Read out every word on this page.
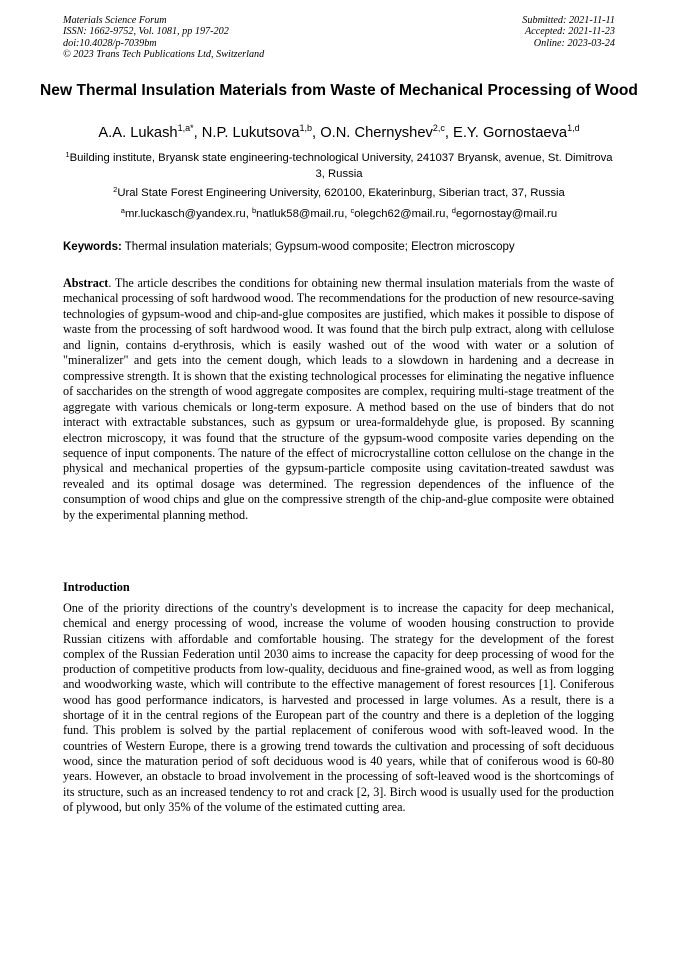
Materials Science Forum
ISSN: 1662-9752, Vol. 1081, pp 197-202
doi:10.4028/p-7039bm
© 2023 Trans Tech Publications Ltd, Switzerland
Submitted: 2021-11-11
Accepted: 2021-11-23
Online: 2023-03-24
New Thermal Insulation Materials from Waste of Mechanical Processing of Wood
A.A. Lukash$^{1,a*}$, N.P. Lukutsova$^{1,b}$, O.N. Chernyshev$^{2,c}$, E.Y. Gornostaeva$^{1,d}$
$^1$Building institute, Bryansk state engineering-technological University, 241037 Bryansk, avenue, St. Dimitrova 3, Russia
$^2$Ural State Forest Engineering University, 620100, Ekaterinburg, Siberian tract, 37, Russia
$^a$mr.luckasch@yandex.ru, $^b$natluk58@mail.ru, $^c$olegch62@mail.ru, $^d$egornostay@mail.ru
Keywords: Thermal insulation materials; Gypsum-wood composite; Electron microscopy
Abstract. The article describes the conditions for obtaining new thermal insulation materials from the waste of mechanical processing of soft hardwood wood. The recommendations for the production of new resource-saving technologies of gypsum-wood and chip-and-glue composites are justified, which makes it possible to dispose of waste from the processing of soft hardwood wood. It was found that the birch pulp extract, along with cellulose and lignin, contains d-erythrosis, which is easily washed out of the wood with water or a solution of "mineralizer" and gets into the cement dough, which leads to a slowdown in hardening and a decrease in compressive strength. It is shown that the existing technological processes for eliminating the negative influence of saccharides on the strength of wood aggregate composites are complex, requiring multi-stage treatment of the aggregate with various chemicals or long-term exposure. A method based on the use of binders that do not interact with extractable substances, such as gypsum or urea-formaldehyde glue, is proposed. By scanning electron microscopy, it was found that the structure of the gypsum-wood composite varies depending on the sequence of input components. The nature of the effect of microcrystalline cotton cellulose on the change in the physical and mechanical properties of the gypsum-particle composite using cavitation-treated sawdust was revealed and its optimal dosage was determined. The regression dependences of the influence of the consumption of wood chips and glue on the compressive strength of the chip-and-glue composite were obtained by the experimental planning method.
Introduction
One of the priority directions of the country's development is to increase the capacity for deep mechanical, chemical and energy processing of wood, increase the volume of wooden housing construction to provide Russian citizens with affordable and comfortable housing. The strategy for the development of the forest complex of the Russian Federation until 2030 aims to increase the capacity for deep processing of wood for the production of competitive products from low-quality, deciduous and fine-grained wood, as well as from logging and woodworking waste, which will contribute to the effective management of forest resources [1]. Coniferous wood has good performance indicators, is harvested and processed in large volumes. As a result, there is a shortage of it in the central regions of the European part of the country and there is a depletion of the logging fund. This problem is solved by the partial replacement of coniferous wood with soft-leaved wood. In the countries of Western Europe, there is a growing trend towards the cultivation and processing of soft deciduous wood, since the maturation period of soft deciduous wood is 40 years, while that of coniferous wood is 60-80 years. However, an obstacle to broad involvement in the processing of soft-leaved wood is the shortcomings of its structure, such as an increased tendency to rot and crack [2, 3]. Birch wood is usually used for the production of plywood, but only 35% of the volume of the estimated cutting area.
